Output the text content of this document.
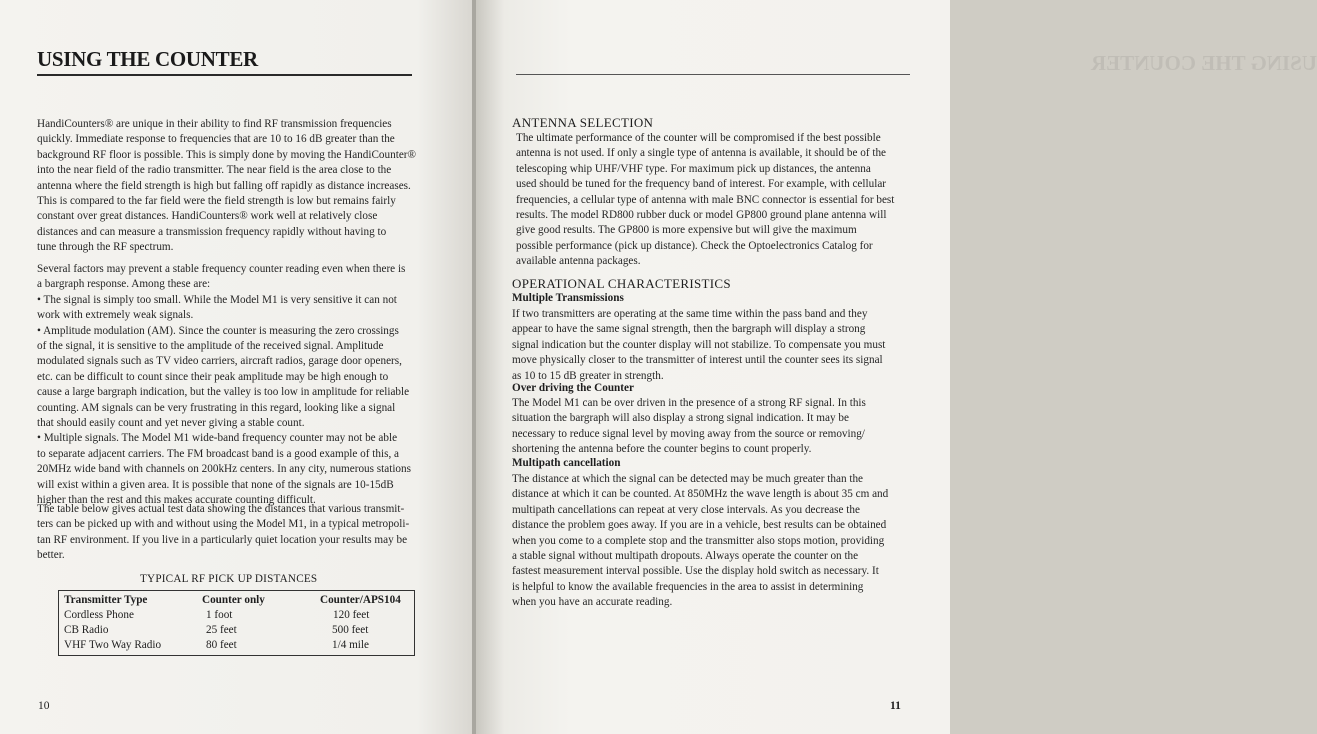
USING THE COUNTER

HandiCounters® are unique in their ability to find RF transmission frequencies

quickly. Immediate response to frequencies that are 10 to 16 dB greater than the

background RF floor is possible. This is simply done by moving the HandiCounter®

into the near field of the radio transmitter. The near field is the area close to the

antenna where the field strength is high but falling off rapidly as distance increases.

This is compared to the far field were the field strength is low but remains fairly

constant over great distances. HandiCounters® work well at relatively close

distances and can measure a transmission frequency rapidly without having to

tune through the RF spectrum.

Several factors may prevent a stable frequency counter reading even when there is

a bargraph response. Among these are:

• The signal is simply too small. While the Model M1 is very sensitive it can not

work with extremely weak signals.

• Amplitude modulation (AM). Since the counter is measuring the zero crossings

of the signal, it is sensitive to the amplitude of the received signal. Amplitude

modulated signals such as TV video carriers, aircraft radios, garage door openers,

etc. can be difficult to count since their peak amplitude may be high enough to

cause a large bargraph indication, but the valley is too low in amplitude for reliable

counting. AM signals can be very frustrating in this regard, looking like a signal

that should easily count and yet never giving a stable count.

• Multiple signals. The Model M1 wide-band frequency counter may not be able

to separate adjacent carriers. The FM broadcast band is a good example of this, a

20MHz wide band with channels on 200kHz centers. In any city, numerous stations

will exist within a given area. It is possible that none of the signals are 10-15dB

higher than the rest and this makes accurate counting difficult.

The table below gives actual test data showing the distances that various transmit-

ters can be picked up with and without using the Model M1, in a typical metropoli-

tan RF environment. If you live in a particularly quiet location your results may be

better.

TYPICAL RF PICK UP DISTANCES

Transmitter Type	Counter only	Counter/APS104
Cordless Phone	1 foot	120 feet
CB Radio	25 feet	500 feet
VHF Two Way Radio	80 feet	1/4 mile
10
USING THE COUNTER

ANTENNA SELECTION

The ultimate performance of the counter will be compromised if the best possible

antenna is not used. If only a single type of antenna is available, it should be of the

telescoping whip UHF/VHF type. For maximum pick up distances, the antenna

used should be tuned for the frequency band of interest. For example, with cellular

frequencies, a cellular type of antenna with male BNC connector is essential for best

results. The model RD800 rubber duck or model GP800 ground plane antenna will

give good results. The GP800 is more expensive but will give the maximum

possible performance (pick up distance). Check the Optoelectronics Catalog for

available antenna packages.

OPERATIONAL CHARACTERISTICS

Multiple Transmissions

If two transmitters are operating at the same time within the pass band and they

appear to have the same signal strength, then the bargraph will display a strong

signal indication but the counter display will not stabilize. To compensate you must

move physically closer to the transmitter of interest until the counter sees its signal

as 10 to 15 dB greater in strength.

Over driving the Counter

The Model M1 can be over driven in the presence of a strong RF signal. In this

situation the bargraph will also display a strong signal indication. It may be

necessary to reduce signal level by moving away from the source or removing/

shortening the antenna before the counter begins to count properly.

Multipath cancellation

The distance at which the signal can be detected may be much greater than the

distance at which it can be counted. At 850MHz the wave length is about 35 cm and

multipath cancellations can repeat at very close intervals. As you decrease the

distance the problem goes away. If you are in a vehicle, best results can be obtained

when you come to a complete stop and the transmitter also stops motion, providing

a stable signal without multipath dropouts. Always operate the counter on the

fastest measurement interval possible. Use the display hold switch as necessary. It

is helpful to know the available frequencies in the area to assist in determining

when you have an accurate reading.

11
